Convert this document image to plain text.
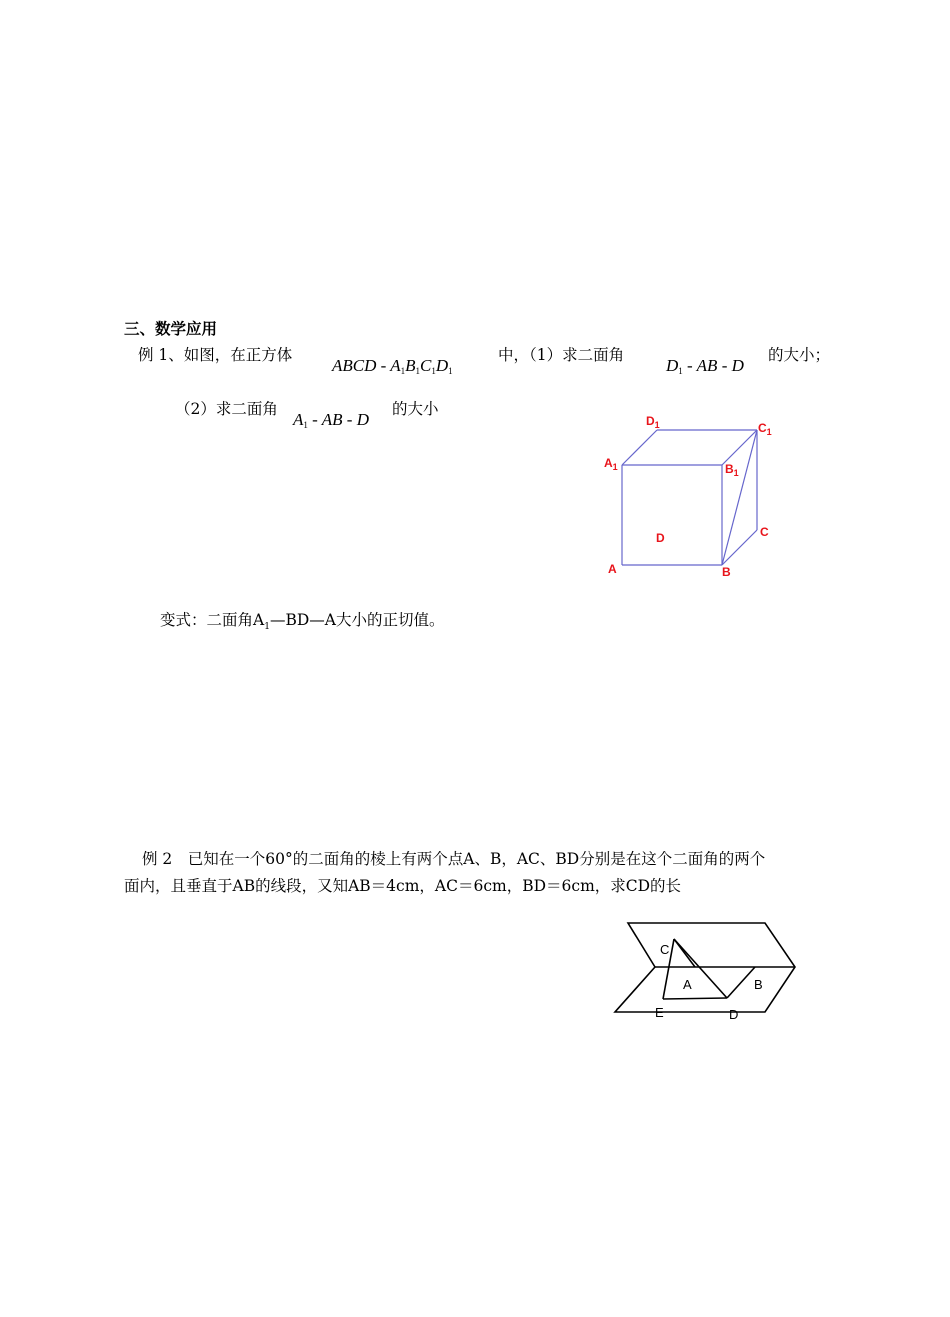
三、数学应用
例 1、如图，在正方体
ABCD - $A_1B_1C_1D_1$
中，（1）求二面角
$D_1$ - AB - D
的大小；
（2）求二面角
$A_1$ - AB - D
的大小
$D_1$	$C_1$
$A_1$	$B_1$
D	C
A	B
变式：二面角$A_1—BD—A$大小的正切值。
例 2　已知在一个60°的二面角的棱上有两个点A、B，AC、BD分别是在这个二面角的两个
面内，且垂直于AB的线段，又知AB＝4cm，AC＝6cm，BD＝6cm，求CD的长
C
A	B
E	D
